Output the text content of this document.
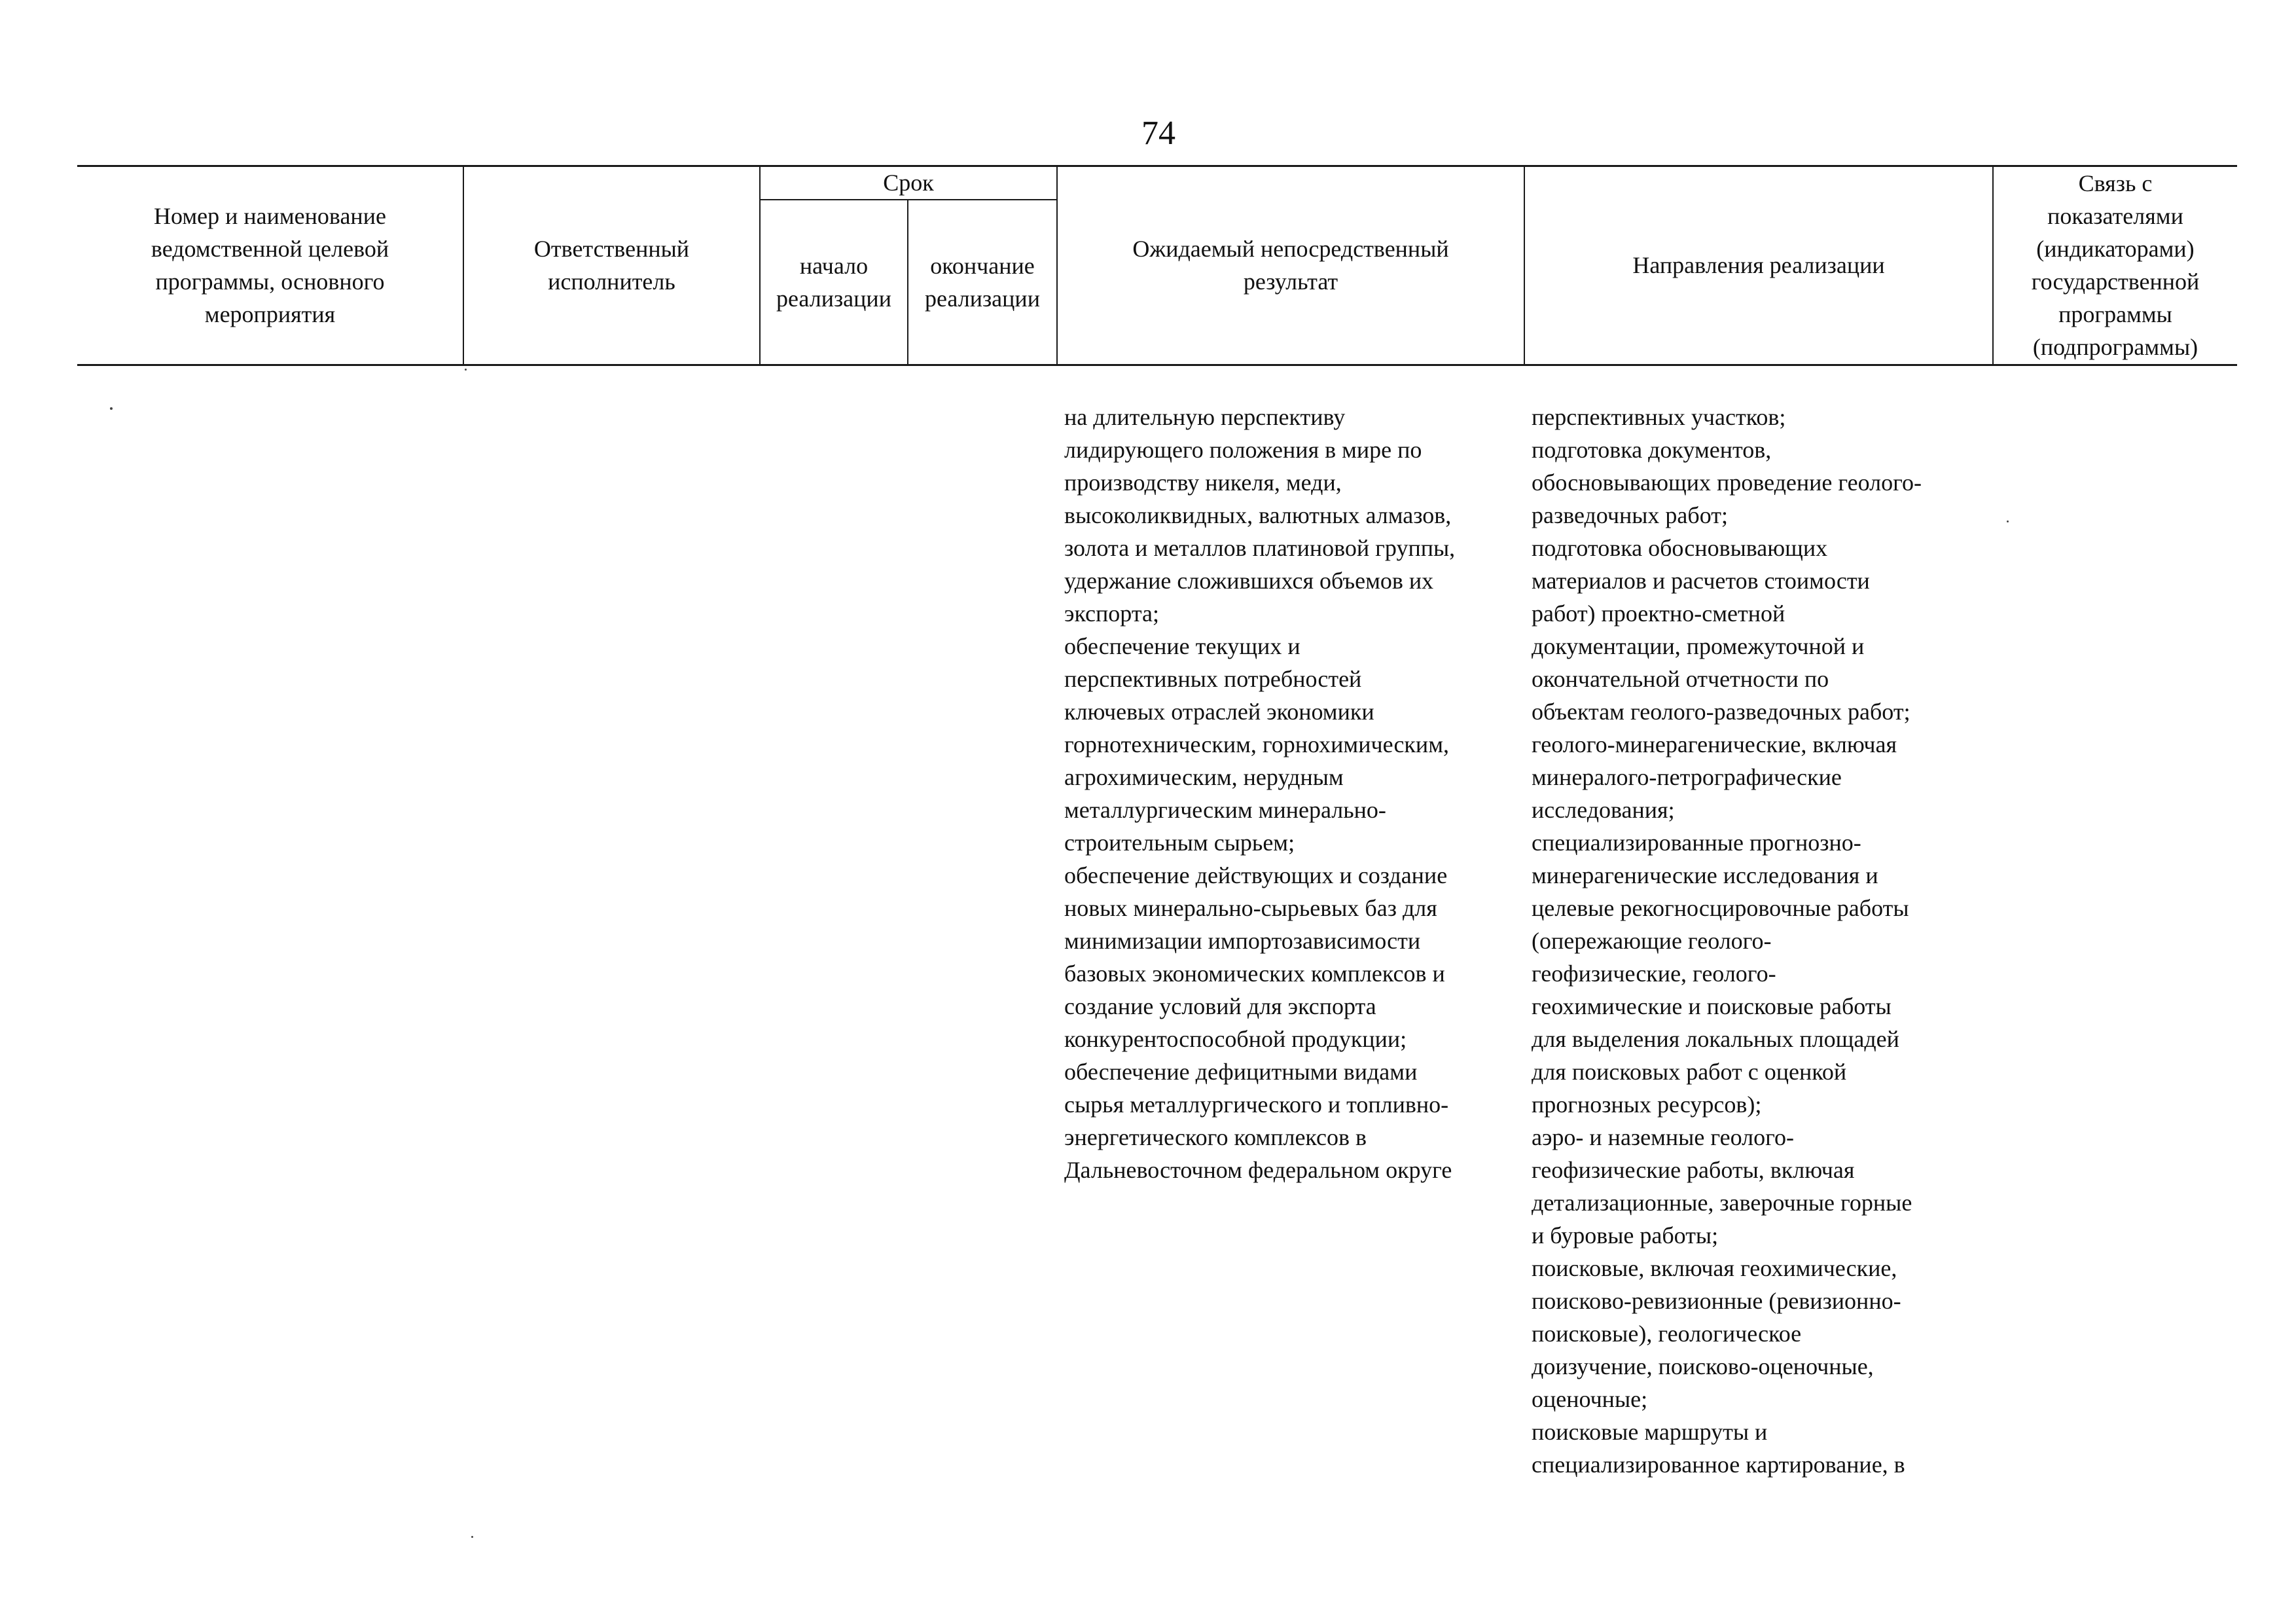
74
Номер и наименование
ведомственной целевой
программы, основного
мероприятия
Ответственный
исполнитель
Срок
начало
реализации
окончание
реализации
Ожидаемый непосредственный
результат
Направления реализации
Связь с
показателями
(индикаторами)
государственной
программы
(подпрограммы)
на длительную перспективу
лидирующего положения в мире по
производству никеля, меди,
высоколиквидных, валютных алмазов,
золота и металлов платиновой группы,
удержание сложившихся объемов их
экспорта;
обеспечение текущих и
перспективных потребностей
ключевых отраслей экономики
горнотехническим, горнохимическим,
агрохимическим, нерудным
металлургическим минерально-
строительным сырьем;
обеспечение действующих и создание
новых минерально-сырьевых баз для
минимизации импортозависимости
базовых экономических комплексов и
создание условий для экспорта
конкурентоспособной продукции;
обеспечение дефицитными видами
сырья металлургического и топливно-
энергетического комплексов в
Дальневосточном федеральном округе
перспективных участков;
подготовка документов,
обосновывающих проведение геолого-
разведочных работ;
подготовка обосновывающих
материалов и расчетов стоимости
работ) проектно-сметной
документации, промежуточной и
окончательной отчетности по
объектам геолого-разведочных работ;
геолого-минерагенические, включая
минералого-петрографические
исследования;
специализированные прогнозно-
минерагенические исследования и
целевые рекогносцировочные работы
(опережающие геолого-
геофизические, геолого-
геохимические и поисковые работы
для выделения локальных площадей
для поисковых работ с оценкой
прогнозных ресурсов);
аэро- и наземные геолого-
геофизические работы, включая
детализационные, заверочные горные
и буровые работы;
поисковые, включая геохимические,
поисково-ревизионные (ревизионно-
поисковые), геологическое
доизучение, поисково-оценочные,
оценочные;
поисковые маршруты и
специализированное картирование, в
